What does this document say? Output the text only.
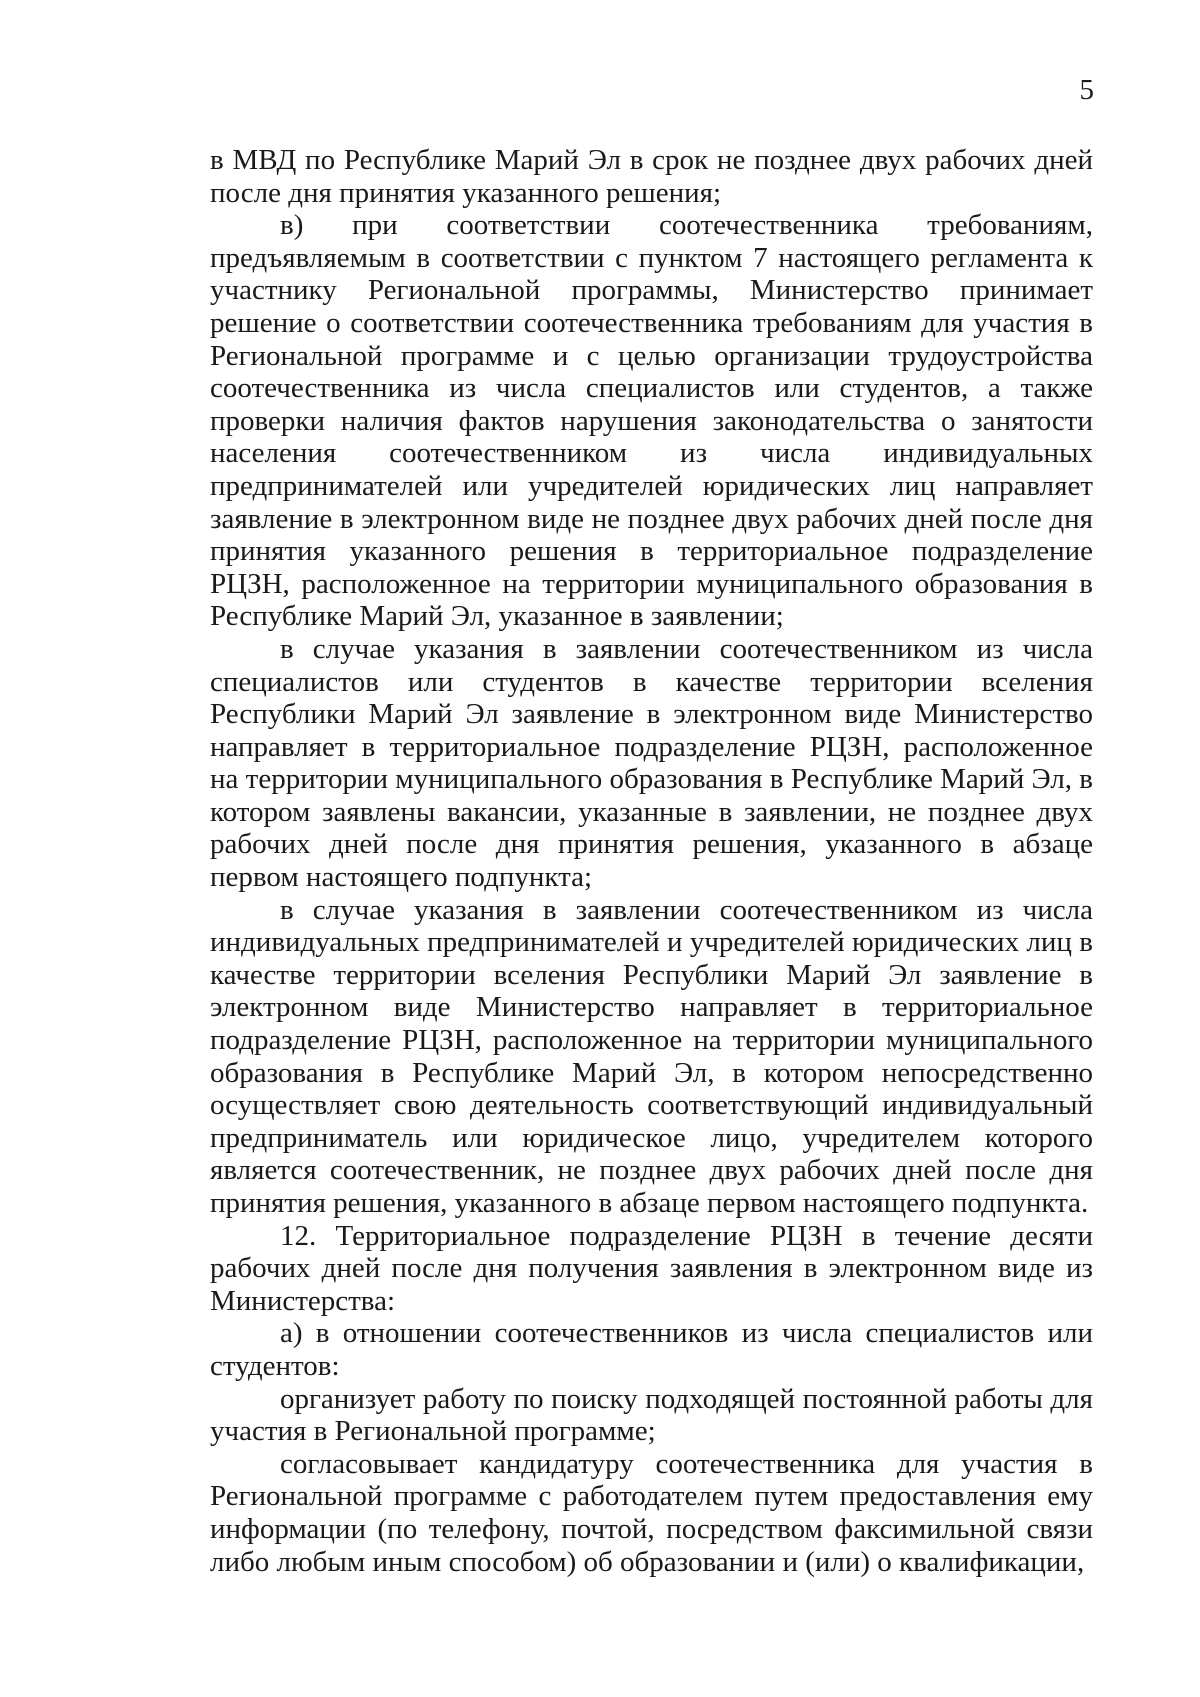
5

в МВД по Республике Марий Эл в срок не позднее двух рабочих дней после дня принятия указанного решения;

в) при соответствии соотечественника требованиям, предъявляемым в соответствии с пунктом 7 настоящего регламента к участнику Региональной программы, Министерство принимает решение о соответствии соотечественника требованиям для участия в Региональной программе и с целью организации трудоустройства соотечественника из числа специалистов или студентов, а также проверки наличия фактов нарушения законодательства о занятости населения соотечественником из числа индивидуальных предпринимателей или учредителей юридических лиц направляет заявление в электронном виде не позднее двух рабочих дней после дня принятия указанного решения в территориальное подразделение РЦЗН, расположенное на территории муниципального образования в Республике Марий Эл, указанное в заявлении;

в случае указания в заявлении соотечественником из числа специалистов или студентов в качестве территории вселения Республики Марий Эл заявление в электронном виде Министерство направляет в территориальное подразделение РЦЗН, расположенное на территории муниципального образования в Республике Марий Эл, в котором заявлены вакансии, указанные в заявлении, не позднее двух рабочих дней после дня принятия решения, указанного в абзаце первом настоящего подпункта;

в случае указания в заявлении соотечественником из числа индивидуальных предпринимателей и учредителей юридических лиц в качестве территории вселения Республики Марий Эл заявление в электронном виде Министерство направляет в территориальное подразделение РЦЗН, расположенное на территории муниципального образования в Республике Марий Эл, в котором непосредственно осуществляет свою деятельность соответствующий индивидуальный предприниматель или юридическое лицо, учредителем которого является соотечественник, не позднее двух рабочих дней после дня принятия решения, указанного в абзаце первом настоящего подпункта.

12. Территориальное подразделение РЦЗН в течение десяти рабочих дней после дня получения заявления в электронном виде из Министерства:

а) в отношении соотечественников из числа специалистов или студентов:

организует работу по поиску подходящей постоянной работы для участия в Региональной программе;

согласовывает кандидатуру соотечественника для участия в Региональной программе с работодателем путем предоставления ему информации (по телефону, почтой, посредством факсимильной связи либо любым иным способом) об образовании и (или) о квалификации,
